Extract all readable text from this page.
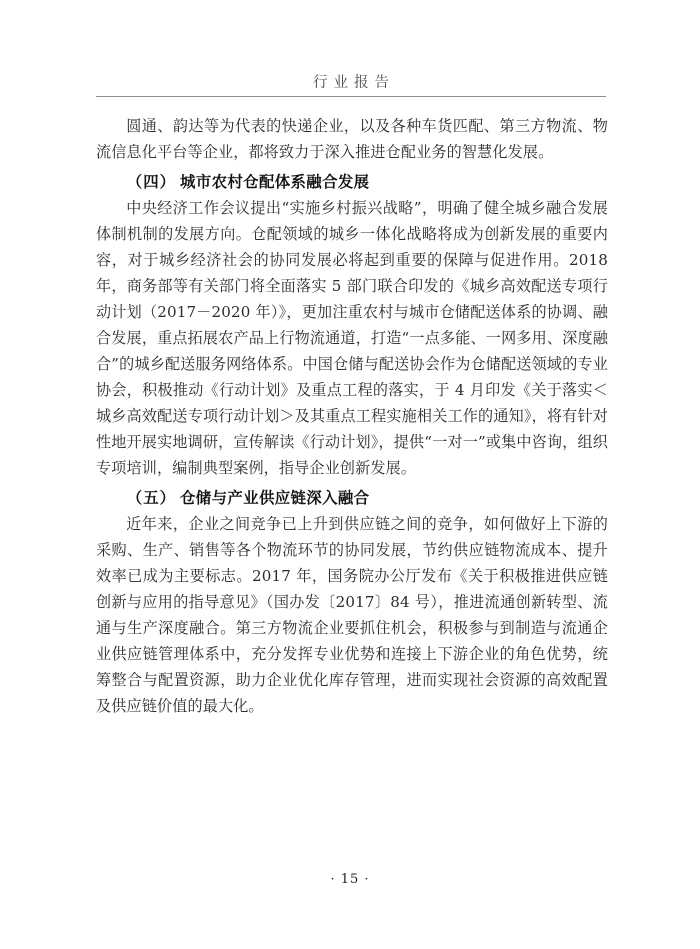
行业报告

圆通、韵达等为代表的快递企业，以及各种车货匹配、第三方物流、物流信息化平台等企业，都将致力于深入推进仓配业务的智慧化发展。

（四） 城市农村仓配体系融合发展

中央经济工作会议提出“实施乡村振兴战略”，明确了健全城乡融合发展体制机制的发展方向。仓配领域的城乡一体化战略将成为创新发展的重要内容，对于城乡经济社会的协同发展必将起到重要的保障与促进作用。2018 年，商务部等有关部门将全面落实 5 部门联合印发的《城乡高效配送专项行动计划（2017－2020 年）》，更加注重农村与城市仓储配送体系的协调、融合发展，重点拓展农产品上行物流通道，打造“一点多能、一网多用、深度融合”的城乡配送服务网络体系。中国仓储与配送协会作为仓储配送领域的专业协会，积极推动《行动计划》及重点工程的落实，于 4 月印发《关于落实＜城乡高效配送专项行动计划＞及其重点工程实施相关工作的通知》，将有针对性地开展实地调研，宣传解读《行动计划》，提供“一对一”或集中咨询，组织专项培训，编制典型案例，指导企业创新发展。

（五） 仓储与产业供应链深入融合

近年来，企业之间竞争已上升到供应链之间的竞争，如何做好上下游的采购、生产、销售等各个物流环节的协同发展，节约供应链物流成本、提升效率已成为主要标志。2017 年，国务院办公厅发布《关于积极推进供应链创新与应用的指导意见》（国办发〔2017〕84 号），推进流通创新转型、流通与生产深度融合。第三方物流企业要抓住机会，积极参与到制造与流通企业供应链管理体系中，充分发挥专业优势和连接上下游企业的角色优势，统筹整合与配置资源，助力企业优化库存管理，进而实现社会资源的高效配置及供应链价值的最大化。

· 15 ·
